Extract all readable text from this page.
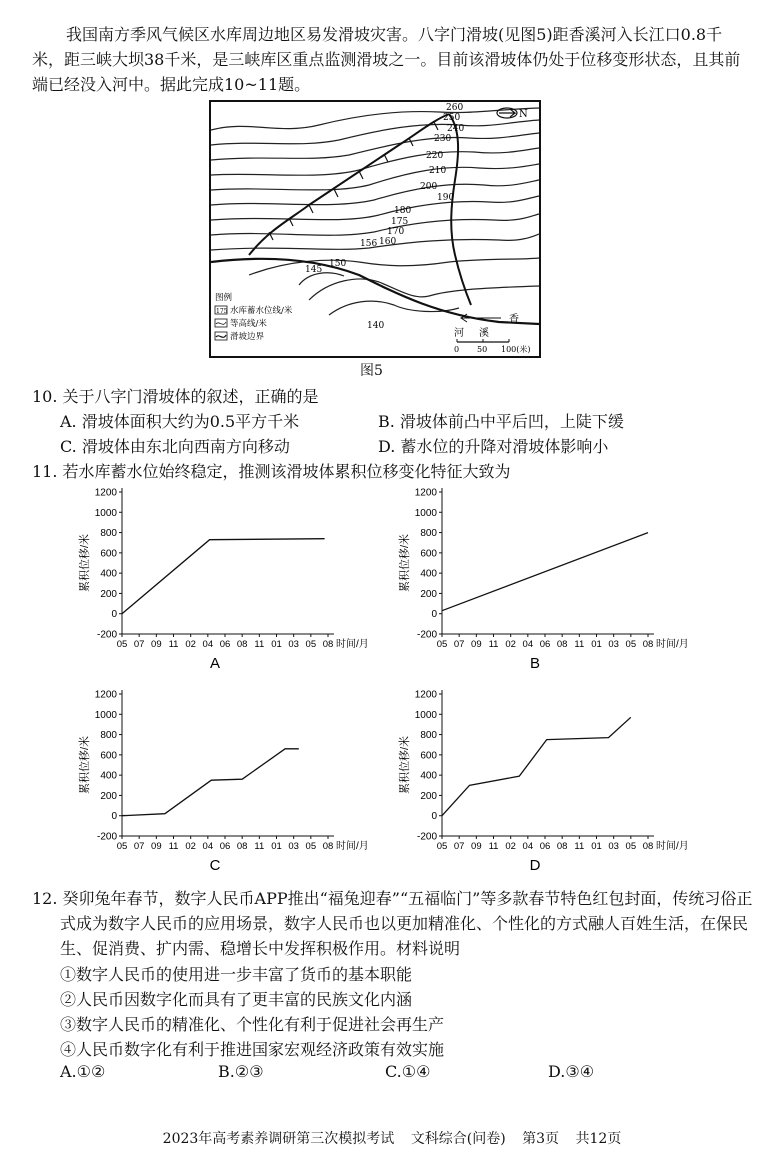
我国南方季风气候区水库周边地区易发滑坡灾害。八字门滑坡(见图5)距香溪河入长江口0.8千米，距三峡大坝38千米，是三峡库区重点监测滑坡之一。目前该滑坡体仍处于位移变形状态，且其前端已经没入河中。据此完成10~11题。
N
260
250
240
230
220
210
200
190
180
175
170
160
156
150
145
140
图例
175 水库蓄水位线/米
等高线/米
滑坡边界
香
溪
河
0 50 100(米)
图5
10. 关于八字门滑坡体的叙述，正确的是
A. 滑坡体面积大约为0.5平方千米	B. 滑坡体前凸中平后凹，上陡下缓
C. 滑坡体由东北向西南方向移动	D. 蓄水位的升降对滑坡体影响小
11. 若水库蓄水位始终稳定，推测该滑坡体累积位移变化特征大致为
-200
0
200
400
600
800
1000
1200
05 07 09 11 02 04 06 08 11 01 03 05 08 时间/月
累积位移/米
A
-200
0
200
400
600
800
1000
1200
05 07 09 11 02 04 06 08 11 01 03 05 08 时间/月
累积位移/米
B
-200
0
200
400
600
800
1000
1200
05 07 09 11 02 04 06 08 11 01 03 05 08 时间/月
累积位移/米
C
-200
0
200
400
600
800
1000
1200
05 07 09 11 02 04 06 08 11 01 03 05 08 时间/月
累积位移/米
D
12. 癸卯兔年春节，数字人民币APP推出“福兔迎春”“五福临门”等多款春节特色红包封面，传统习俗正式成为数字人民币的应用场景，数字人民币也以更加精准化、个性化的方式融人百姓生活，在保民生、促消费、扩内需、稳增长中发挥积极作用。材料说明
①数字人民币的使用进一步丰富了货币的基本职能
②人民币因数字化而具有了更丰富的民族文化内涵
③数字人民币的精准化、个性化有利于促进社会再生产
④人民币数字化有利于推进国家宏观经济政策有效实施
A.①②	B.②③	C.①④	D.③④
2023年高考素养调研第三次模拟考试 文科综合(问卷) 第3页 共12页
